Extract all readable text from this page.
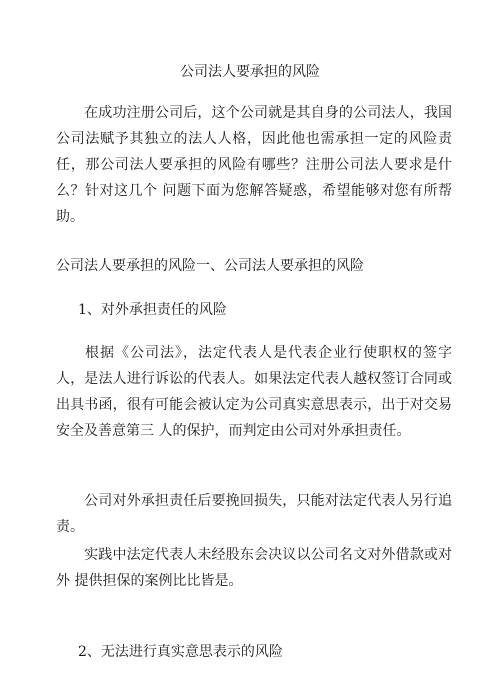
公司法人要承担的风险
在成功注册公司后，这个公司就是其自身的公司法人，我国公司法赋予其独立的法人人格，因此他也需承担一定的风险责任，那公司法人要承担的风险有哪些？注册公司法人要求是什么？针对这几个 问题下面为您解答疑惑，希望能够对您有所帮助。
公司法人要承担的风险一、公司法人要承担的风险
1、对外承担责任的风险
根据《公司法》，法定代表人是代表企业行使职权的签字人，是法人进行诉讼的代表人。如果法定代表人越权签订合同或出具书函，很有可能会被认定为公司真实意思表示，出于对交易安全及善意第三 人的保护，而判定由公司对外承担责任。
公司对外承担责任后要挽回损失，只能对法定代表人另行追责。
实践中法定代表人未经股东会决议以公司名文对外借款或对外 提供担保的案例比比皆是。
2、无法进行真实意思表示的风险
